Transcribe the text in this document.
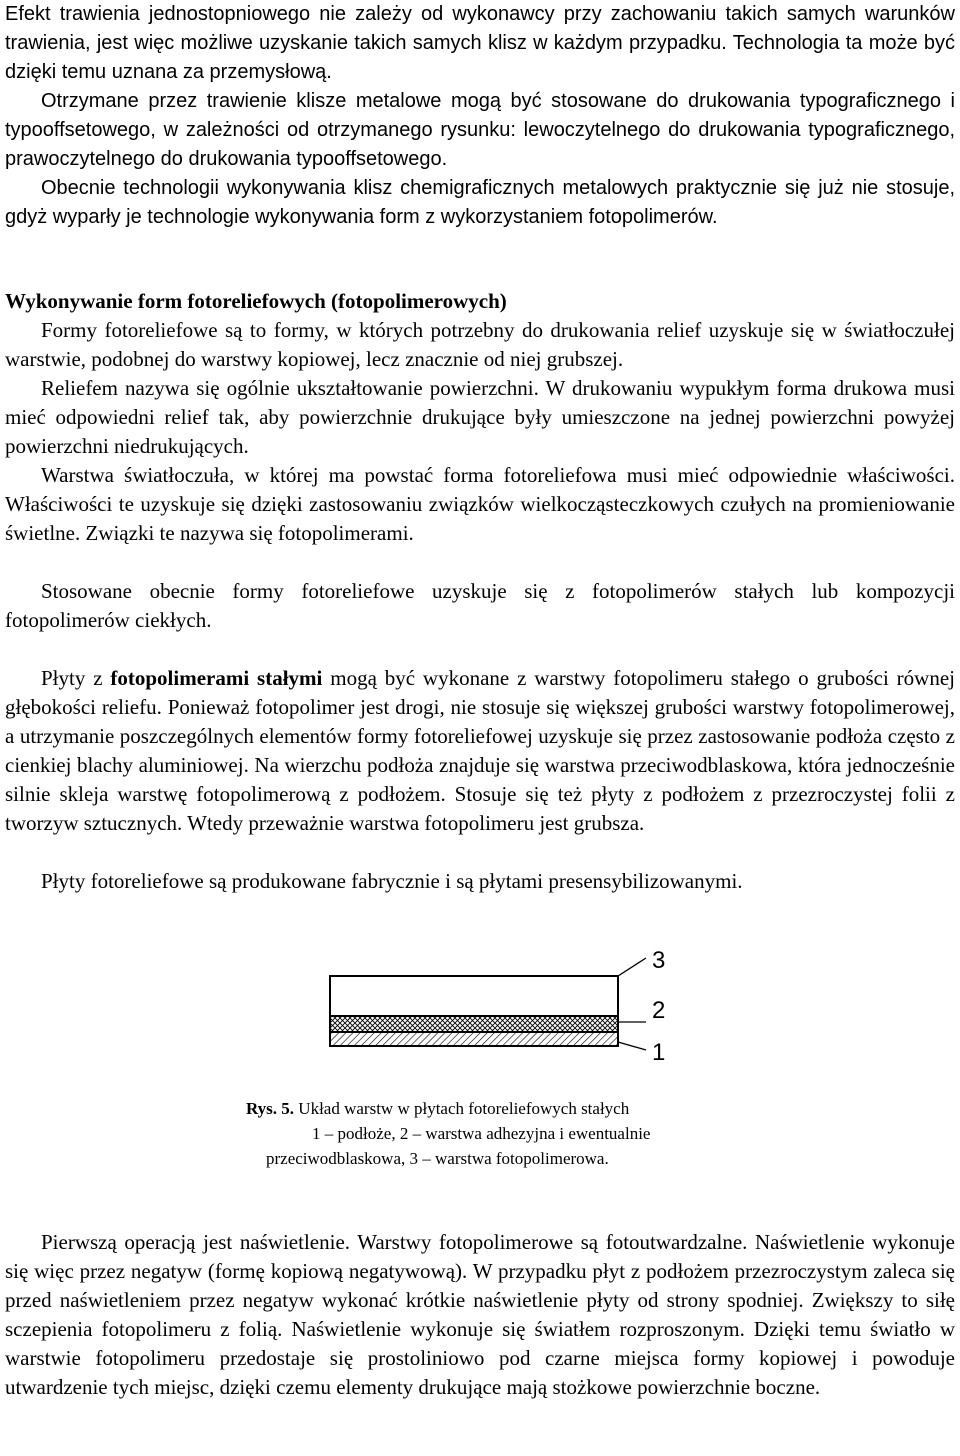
Efekt trawienia jednostopniowego nie zależy od wykonawcy przy zachowaniu takich samych warunków trawienia, jest więc możliwe uzyskanie takich samych klisz w każdym przypadku. Technologia ta może być dzięki temu uznana za przemysłową.

Otrzymane przez trawienie klisze metalowe mogą być stosowane do drukowania typograficznego i typooffsetowego, w zależności od otrzymanego rysunku: lewoczytelnego do drukowania typograficznego, prawoczytelnego do drukowania typooffsetowego.

Obecnie technologii wykonywania klisz chemigraficznych metalowych praktycznie się już nie stosuje, gdyż wyparły je technologie wykonywania form z wykorzystaniem fotopolimerów.

Wykonywanie form fotoreliefowych (fotopolimerowych)

Formy fotoreliefowe są to formy, w których potrzebny do drukowania relief uzyskuje się w światłoczułej warstwie, podobnej do warstwy kopiowej, lecz znacznie od niej grubszej.

Reliefem nazywa się ogólnie ukształtowanie powierzchni. W drukowaniu wypukłym forma drukowa musi mieć odpowiedni relief tak, aby powierzchnie drukujące były umieszczone na jednej powierzchni powyżej powierzchni niedrukujących.

Warstwa światłoczuła, w której ma powstać forma fotoreliefowa musi mieć odpowiednie właściwości. Właściwości te uzyskuje się dzięki zastosowaniu związków wielkocząsteczkowych czułych na promieniowanie świetlne. Związki te nazywa się fotopolimerami.

Stosowane obecnie formy fotoreliefowe uzyskuje się z fotopolimerów stałych lub kompozycji fotopolimerów ciekłych.

Płyty z fotopolimerami stałymi mogą być wykonane z warstwy fotopolimeru stałego o grubości równej głębokości reliefu. Ponieważ fotopolimer jest drogi, nie stosuje się większej grubości warstwy fotopolimerowej, a utrzymanie poszczególnych elementów formy fotoreliefowej uzyskuje się przez zastosowanie podłoża często z cienkiej blachy aluminiowej. Na wierzchu podłoża znajduje się warstwa przeciwodblaskowa, która jednocześnie silnie skleja warstwę fotopolimerową z podłożem. Stosuje się też płyty z podłożem z przezroczystej folii z tworzyw sztucznych. Wtedy przeważnie warstwa fotopolimeru jest grubsza.

Płyty fotoreliefowe są produkowane fabrycznie i są płytami presensybilizowanymi.

3
2
1
Rys. 5. Układ warstw w płytach fotoreliefowych stałych
1 – podłoże, 2 – warstwa adhezyjna i ewentualnie
przeciwodblaskowa, 3 – warstwa fotopolimerowa.

Pierwszą operacją jest naświetlenie. Warstwy fotopolimerowe są fotoutwardzalne. Naświetlenie wykonuje się więc przez negatyw (formę kopiową negatywową). W przypadku płyt z podłożem przezroczystym zaleca się przed naświetleniem przez negatyw wykonać krótkie naświetlenie płyty od strony spodniej. Zwiększy to siłę sczepienia fotopolimeru z folią. Naświetlenie wykonuje się światłem rozproszonym. Dzięki temu światło w warstwie fotopolimeru przedostaje się prostoliniowo pod czarne miejsca formy kopiowej i powoduje utwardzenie tych miejsc, dzięki czemu elementy drukujące mają stożkowe powierzchnie boczne.
